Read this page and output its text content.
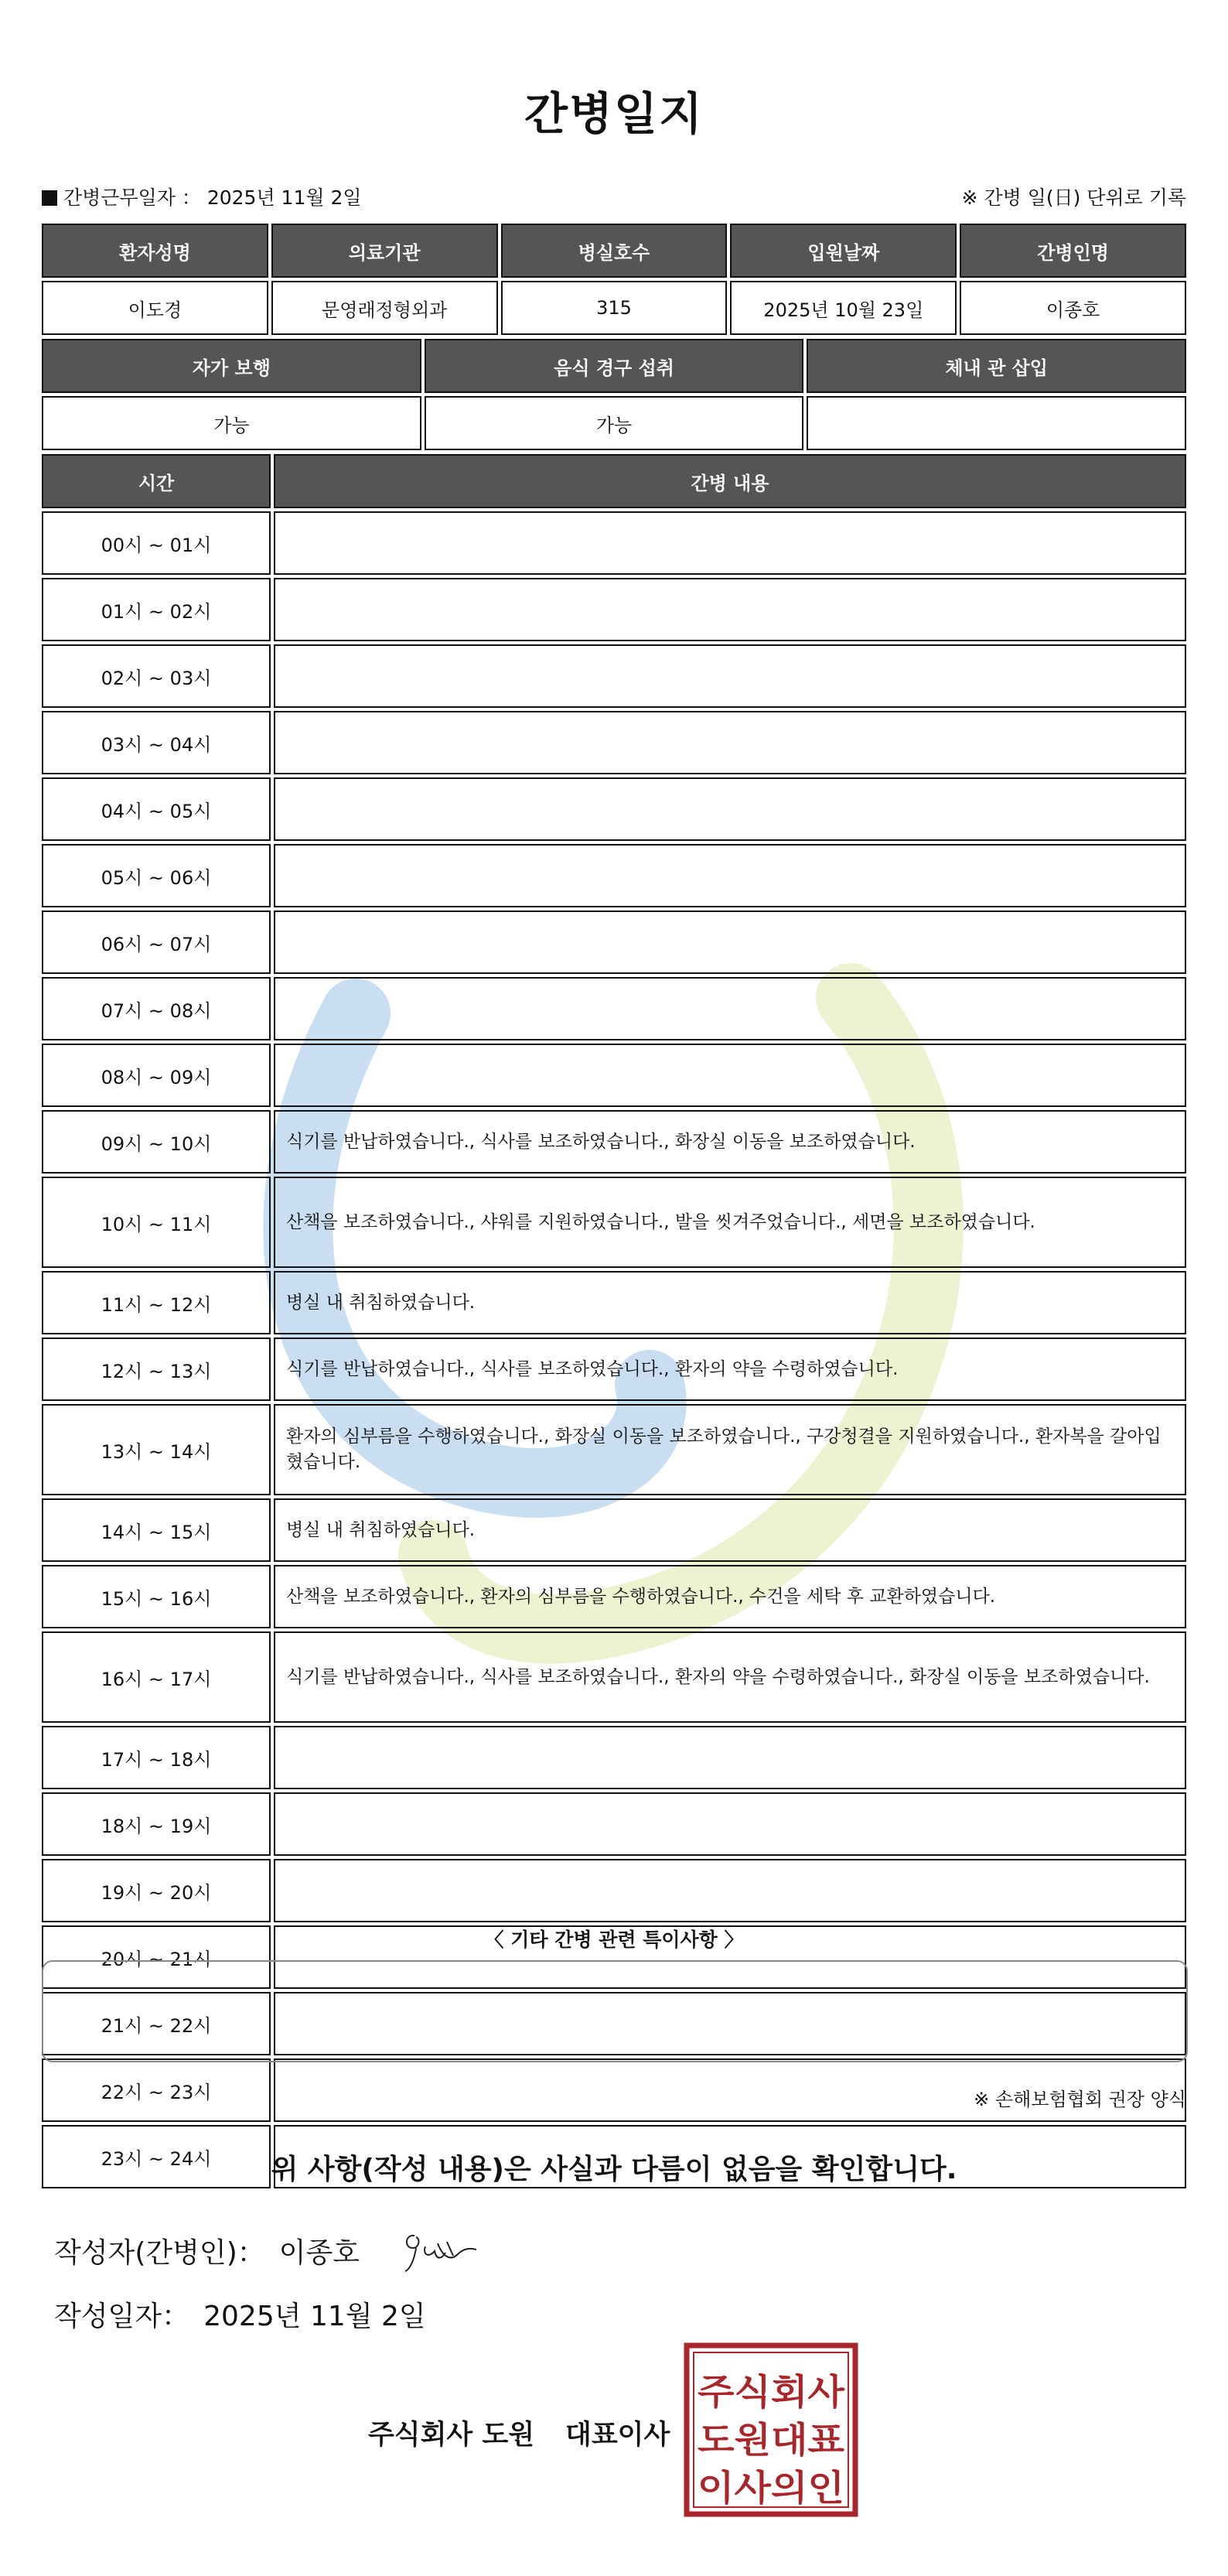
간병일지
간병근무일자 ： 2025년 11월 2일	※ 간병 일(日) 단위로 기록
환자성명	의료기관	병실호수	입원날짜	간병인명
이도경	문영래정형외과	315	2025년 10월 23일	이종호
자가 보행	음식 경구 섭취	체내 관 삽입
가능	가능	
시간	간병 내용
00시 ~ 01시	
01시 ~ 02시	
02시 ~ 03시	
03시 ~ 04시	
04시 ~ 05시	
05시 ~ 06시	
06시 ~ 07시	
07시 ~ 08시	
08시 ~ 09시	
09시 ~ 10시	식기를 반납하였습니다., 식사를 보조하였습니다., 화장실 이동을 보조하였습니다.
10시 ~ 11시	산책을 보조하였습니다., 샤워를 지원하였습니다., 발을 씻겨주었습니다., 세면을 보조하였습니다.
11시 ~ 12시	병실 내 취침하였습니다.
12시 ~ 13시	식기를 반납하였습니다., 식사를 보조하였습니다., 환자의 약을 수령하였습니다.
13시 ~ 14시	환자의 심부름을 수행하였습니다., 화장실 이동을 보조하였습니다., 구강청결을 지원하였습니다., 환자복을 갈아입혔습니다.
14시 ~ 15시	병실 내 취침하였습니다.
15시 ~ 16시	산책을 보조하였습니다., 환자의 심부름을 수행하였습니다., 수건을 세탁 후 교환하였습니다.
16시 ~ 17시	식기를 반납하였습니다., 식사를 보조하였습니다., 환자의 약을 수령하였습니다., 화장실 이동을 보조하였습니다.
17시 ~ 18시	
18시 ~ 19시	
19시 ~ 20시	
20시 ~ 21시	
21시 ~ 22시	
22시 ~ 23시	
23시 ~ 24시	
〈 기타 간병 관련 특이사항 〉
※ 손해보험협회 권장 양식
위 사항(작성 내용)은 사실과 다름이 없음을 확인합니다.
작성자(간병인)： 이종호
작성일자： 2025년 11월 2일
주식회사 도원 대표이사
주식회사
도원대표
이사의인
